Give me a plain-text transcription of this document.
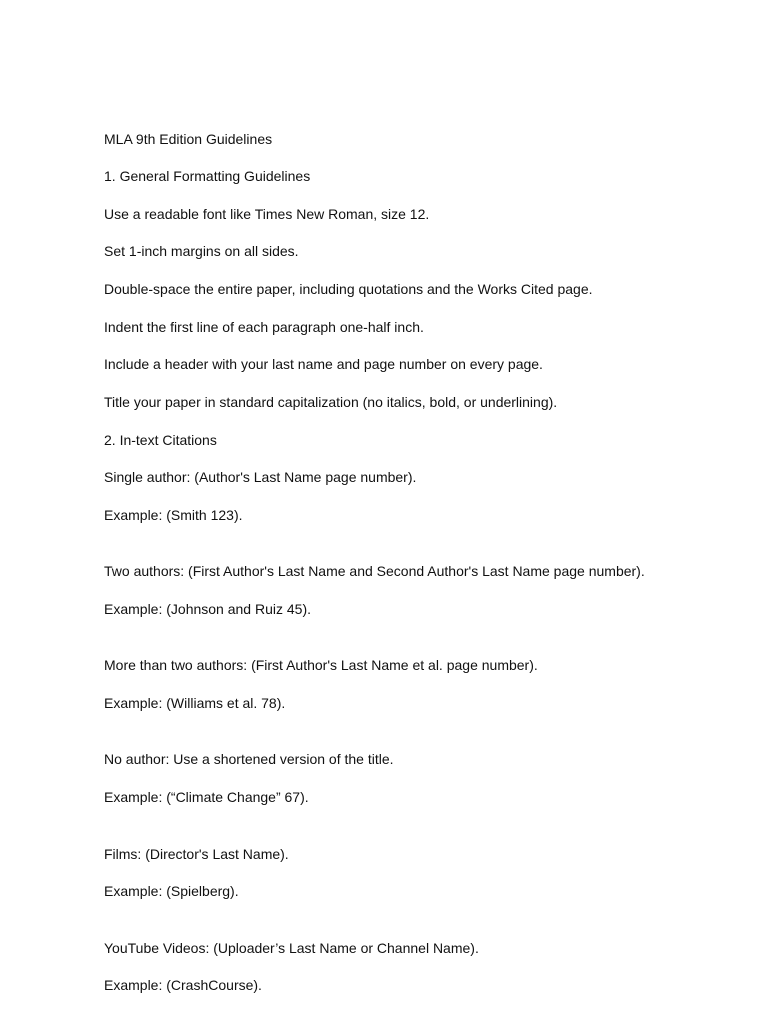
MLA 9th Edition Guidelines

1. General Formatting Guidelines

Use a readable font like Times New Roman, size 12.

Set 1-inch margins on all sides.

Double-space the entire paper, including quotations and the Works Cited page.

Indent the first line of each paragraph one-half inch.

Include a header with your last name and page number on every page.

Title your paper in standard capitalization (no italics, bold, or underlining).

2. In-text Citations

Single author: (Author's Last Name page number).

Example: (Smith 123).

Two authors: (First Author's Last Name and Second Author's Last Name page number).

Example: (Johnson and Ruiz 45).

More than two authors: (First Author's Last Name et al. page number).

Example: (Williams et al. 78).

No author: Use a shortened version of the title.

Example: (“Climate Change” 67).

Films: (Director's Last Name).

Example: (Spielberg).

YouTube Videos: (Uploader’s Last Name or Channel Name).

Example: (CrashCourse).
